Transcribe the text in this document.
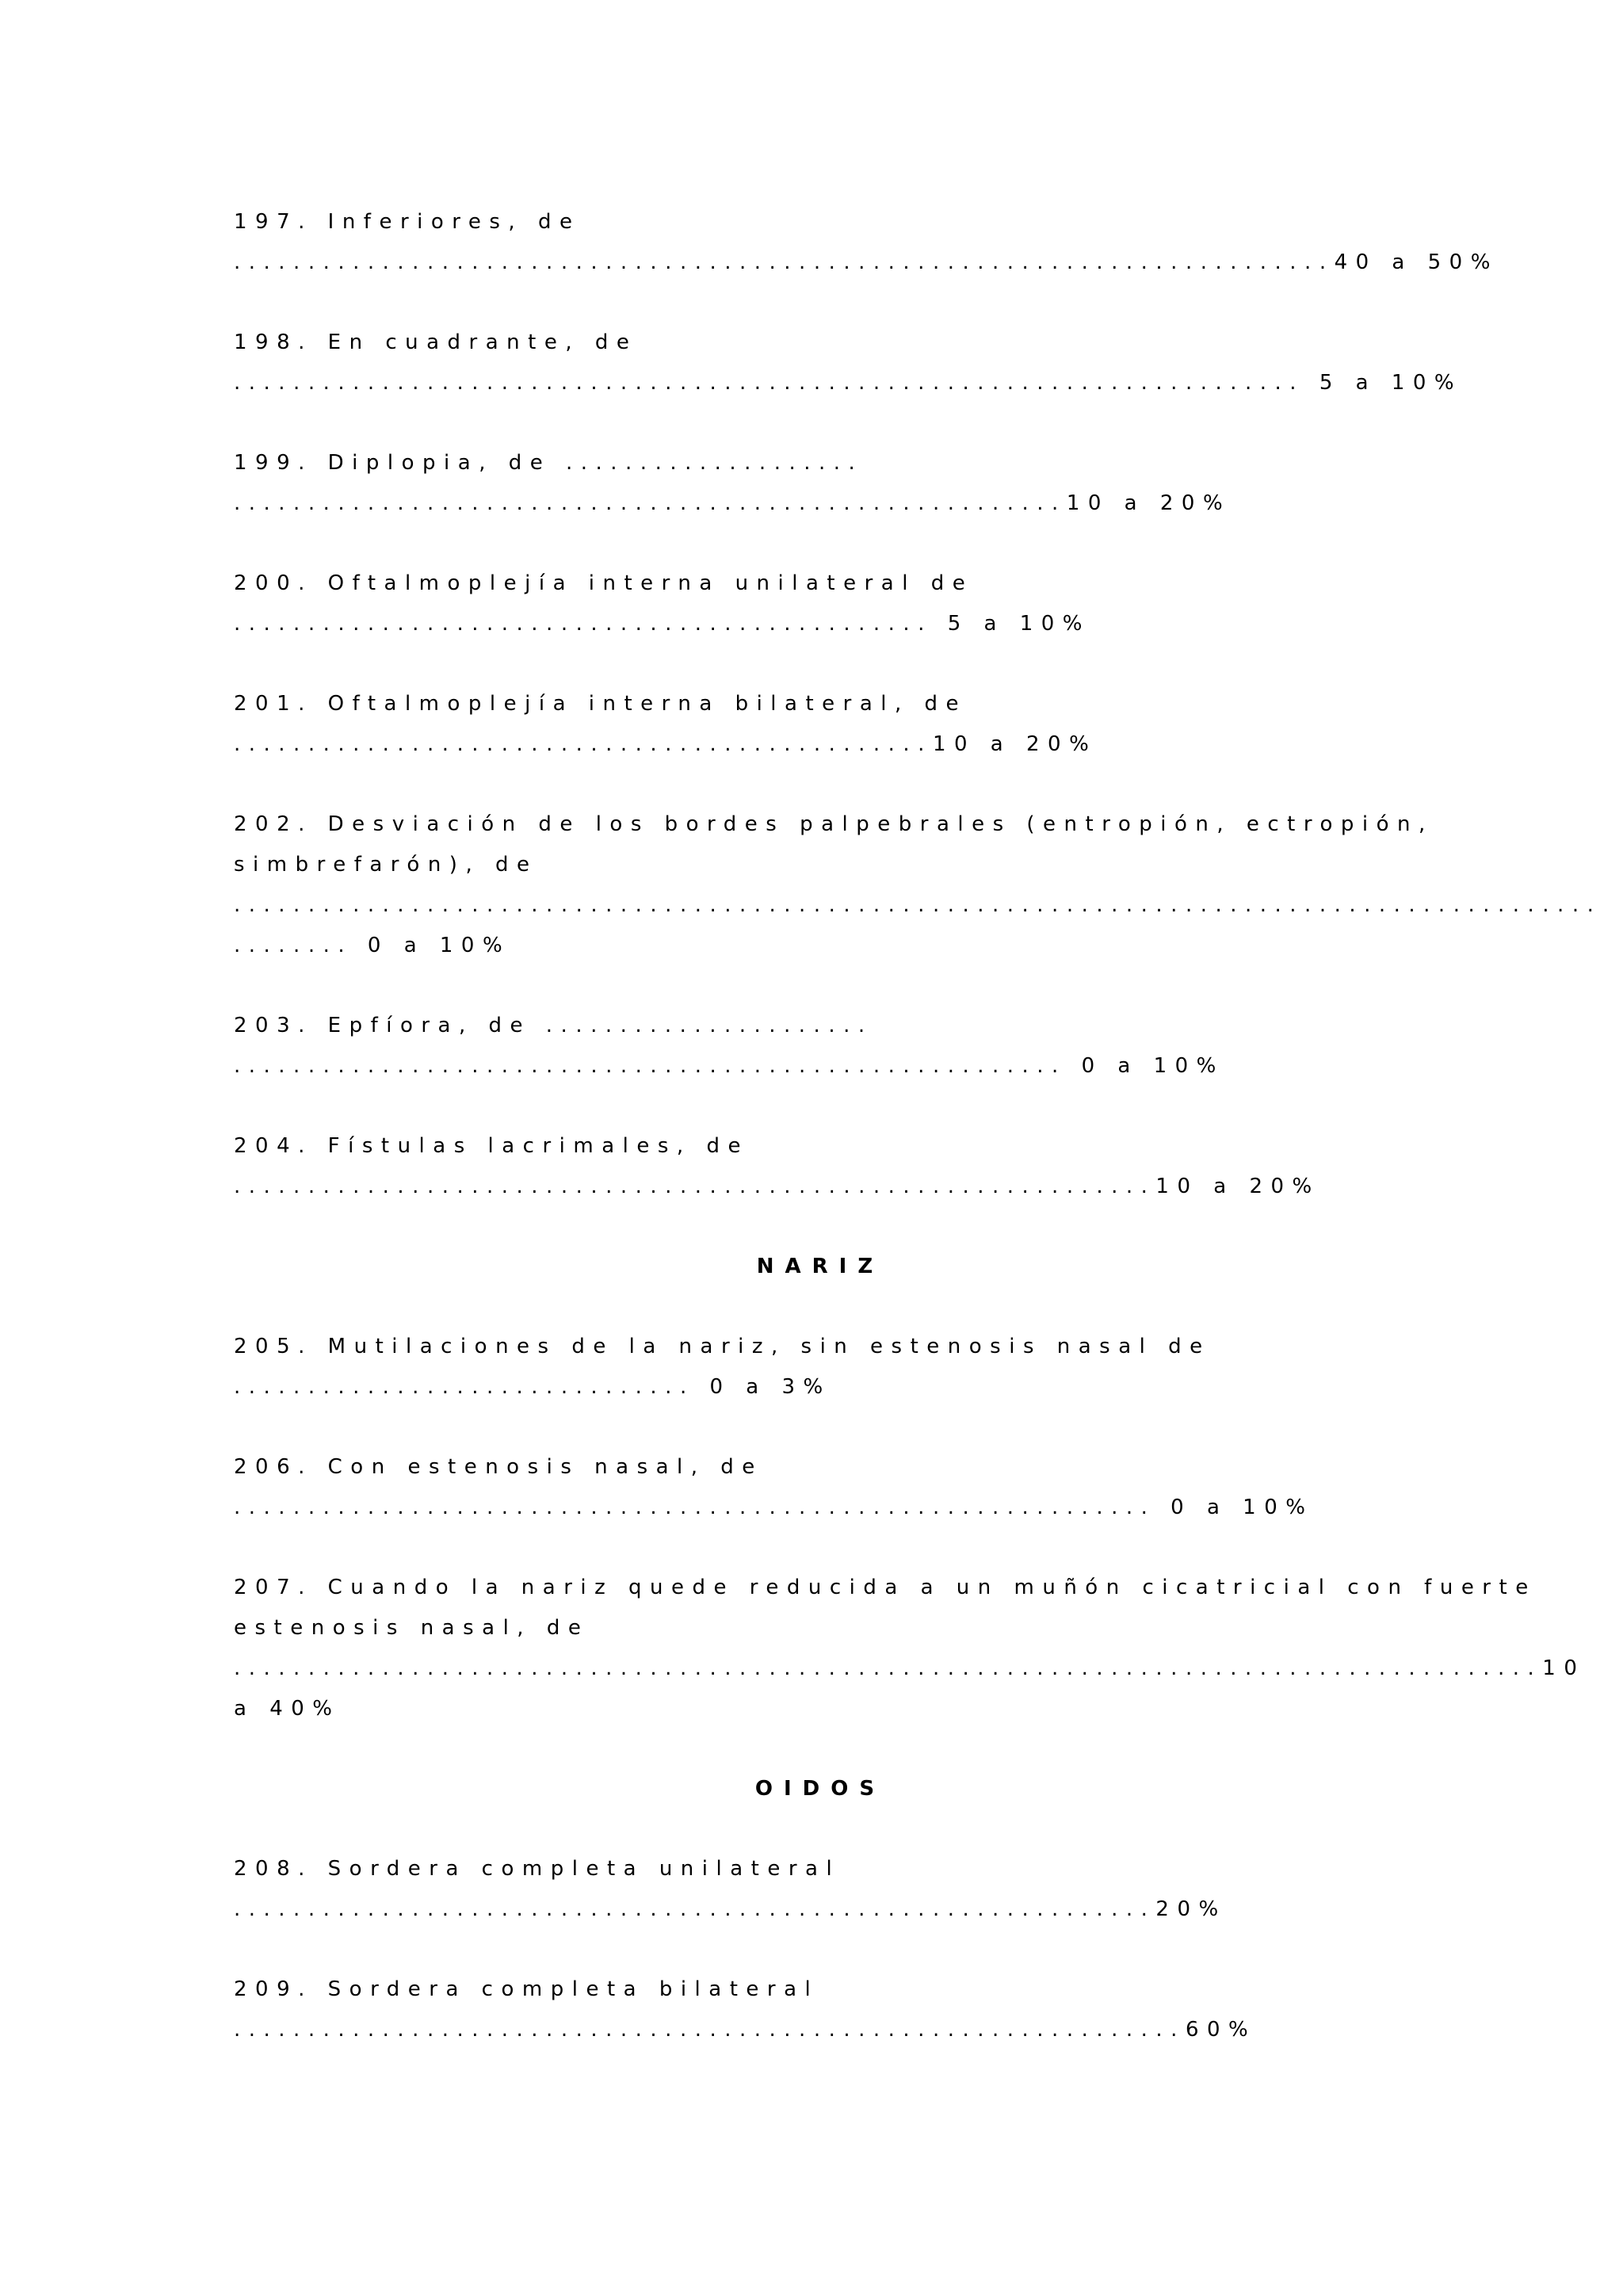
197. Inferiores, de
..........................................................................40 a 50%
198. En cuadrante, de
........................................................................ 5 a 10%
199. Diplopia, de ....................
........................................................10 a 20%
200. Oftalmoplejía interna unilateral de
............................................... 5 a 10%
201. Oftalmoplejía interna bilateral, de
...............................................10 a 20%
202. Desviación de los bordes palpebrales (entropión, ectropión,
simbrefarón), de
............................................................................................
........ 0 a 10%
203. Epfíora, de ......................
........................................................ 0 a 10%
204. Fístulas lacrimales, de
..............................................................10 a 20%
NARIZ
205. Mutilaciones de la nariz, sin estenosis nasal de
............................... 0 a 3%
206. Con estenosis nasal, de
.............................................................. 0 a 10%
207. Cuando la nariz quede reducida a un muñón cicatricial con fuerte
estenosis nasal, de
........................................................................................10
a 40%
OIDOS
208. Sordera completa unilateral
..............................................................20%
209. Sordera completa bilateral
................................................................60%
